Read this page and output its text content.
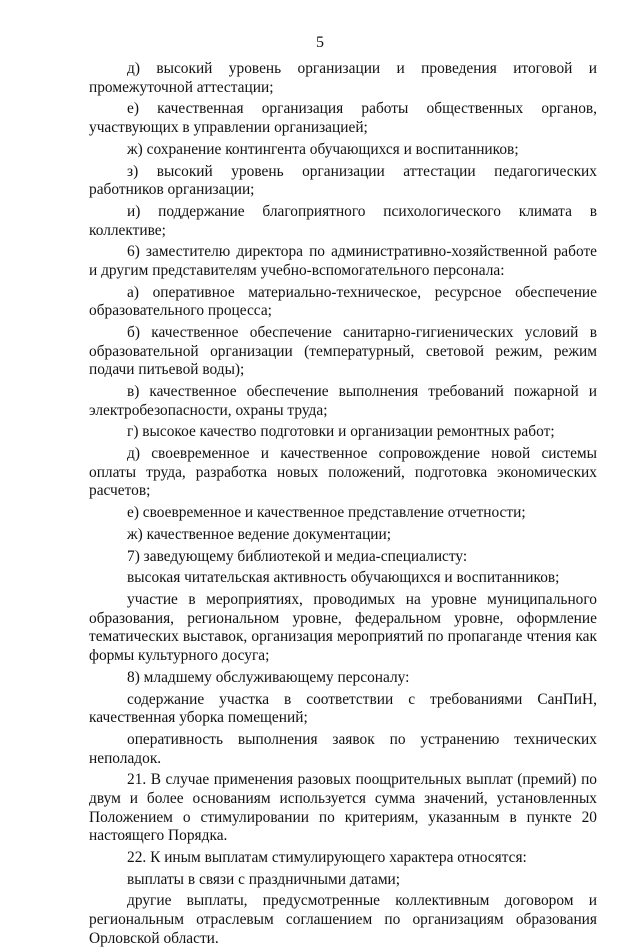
5

д) высокий уровень организации и проведения итоговой и промежуточной аттестации;

е) качественная организация работы общественных органов, участвующих в управлении организацией;

ж) сохранение контингента обучающихся и воспитанников;

з) высокий уровень организации аттестации педагогических работников организации;

и) поддержание благоприятного психологического климата в коллективе;

6) заместителю директора по административно-хозяйственной работе и другим представителям учебно-вспомогательного персонала:

а) оперативное материально-техническое, ресурсное обеспечение образовательного процесса;

б) качественное обеспечение санитарно-гигиенических условий в образовательной организации (температурный, световой режим, режим подачи питьевой воды);

в) качественное обеспечение выполнения требований пожарной и электробезопасности, охраны труда;

г) высокое качество подготовки и организации ремонтных работ;

д) своевременное и качественное сопровождение новой системы оплаты труда, разработка новых положений, подготовка экономических расчетов;

е) своевременное и качественное представление отчетности;

ж) качественное ведение документации;

7) заведующему библиотекой и медиа-специалисту:

высокая читательская активность обучающихся и воспитанников;

участие в мероприятиях, проводимых на уровне муниципального образования, региональном уровне, федеральном уровне, оформление тематических выставок, организация мероприятий по пропаганде чтения как формы культурного досуга;

8) младшему обслуживающему персоналу:

содержание участка в соответствии с требованиями СанПиН, качественная уборка помещений;

оперативность выполнения заявок по устранению технических неполадок.

21. В случае применения разовых поощрительных выплат (премий) по двум и более основаниям используется сумма значений, установленных Положением о стимулировании по критериям, указанным в пункте 20 настоящего Порядка.

22. К иным выплатам стимулирующего характера относятся:

выплаты в связи с праздничными датами;

другие выплаты, предусмотренные коллективным договором и региональным отраслевым соглашением по организациям образования Орловской области.
